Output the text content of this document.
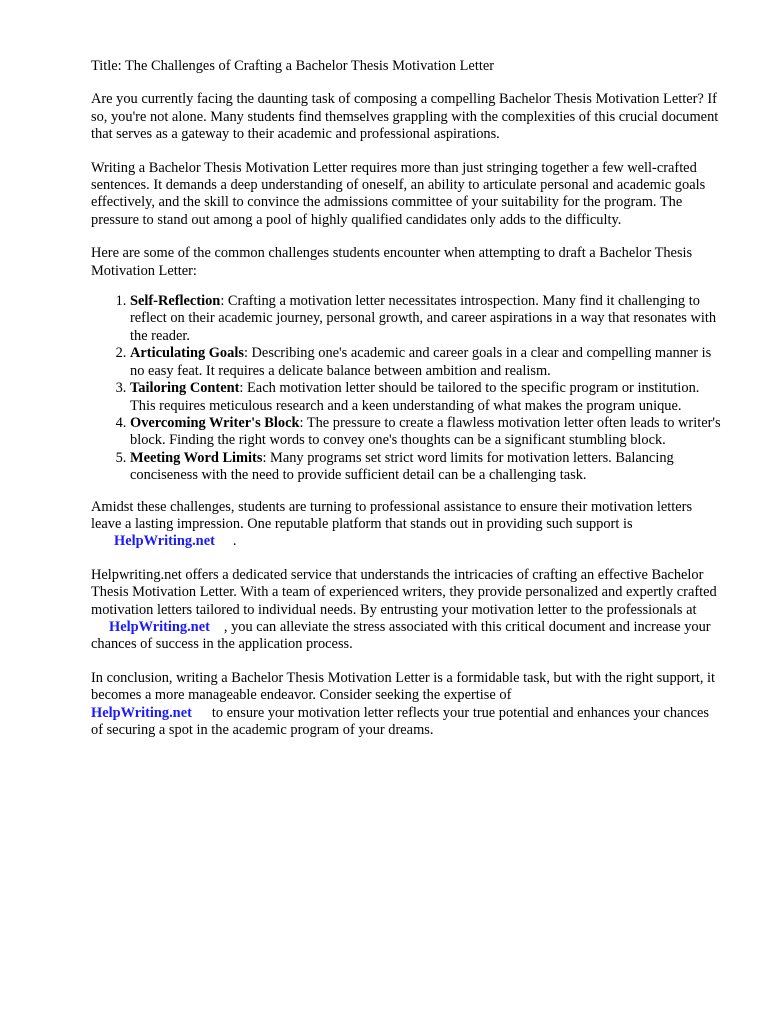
Title: The Challenges of Crafting a Bachelor Thesis Motivation Letter

Are you currently facing the daunting task of composing a compelling Bachelor Thesis Motivation Letter? If so, you're not alone. Many students find themselves grappling with the complexities of this crucial document that serves as a gateway to their academic and professional aspirations.

Writing a Bachelor Thesis Motivation Letter requires more than just stringing together a few well-crafted sentences. It demands a deep understanding of oneself, an ability to articulate personal and academic goals effectively, and the skill to convince the admissions committee of your suitability for the program. The pressure to stand out among a pool of highly qualified candidates only adds to the difficulty.

Here are some of the common challenges students encounter when attempting to draft a Bachelor Thesis Motivation Letter:

1. Self-Reflection: Crafting a motivation letter necessitates introspection. Many find it challenging to reflect on their academic journey, personal growth, and career aspirations in a way that resonates with the reader.
2. Articulating Goals: Describing one's academic and career goals in a clear and compelling manner is no easy feat. It requires a delicate balance between ambition and realism.
3. Tailoring Content: Each motivation letter should be tailored to the specific program or institution. This requires meticulous research and a keen understanding of what makes the program unique.
4. Overcoming Writer's Block: The pressure to create a flawless motivation letter often leads to writer's block. Finding the right words to convey one's thoughts can be a significant stumbling block.
5. Meeting Word Limits: Many programs set strict word limits for motivation letters. Balancing conciseness with the need to provide sufficient detail can be a challenging task.

Amidst these challenges, students are turning to professional assistance to ensure their motivation letters leave a lasting impression. One reputable platform that stands out in providing such support is
HelpWriting.net .

Helpwriting.net offers a dedicated service that understands the intricacies of crafting an effective Bachelor Thesis Motivation Letter. With a team of experienced writers, they provide personalized and expertly crafted motivation letters tailored to individual needs. By entrusting your motivation letter to the professionals atHelpWriting.net , you can alleviate the stress associated with this critical document and increase your chances of success in the application process.

In conclusion, writing a Bachelor Thesis Motivation Letter is a formidable task, but with the right support, it becomes a more manageable endeavor. Consider seeking the expertise of
HelpWriting.net to ensure your motivation letter reflects your true potential and enhances your chances of securing a spot in the academic program of your dreams.
